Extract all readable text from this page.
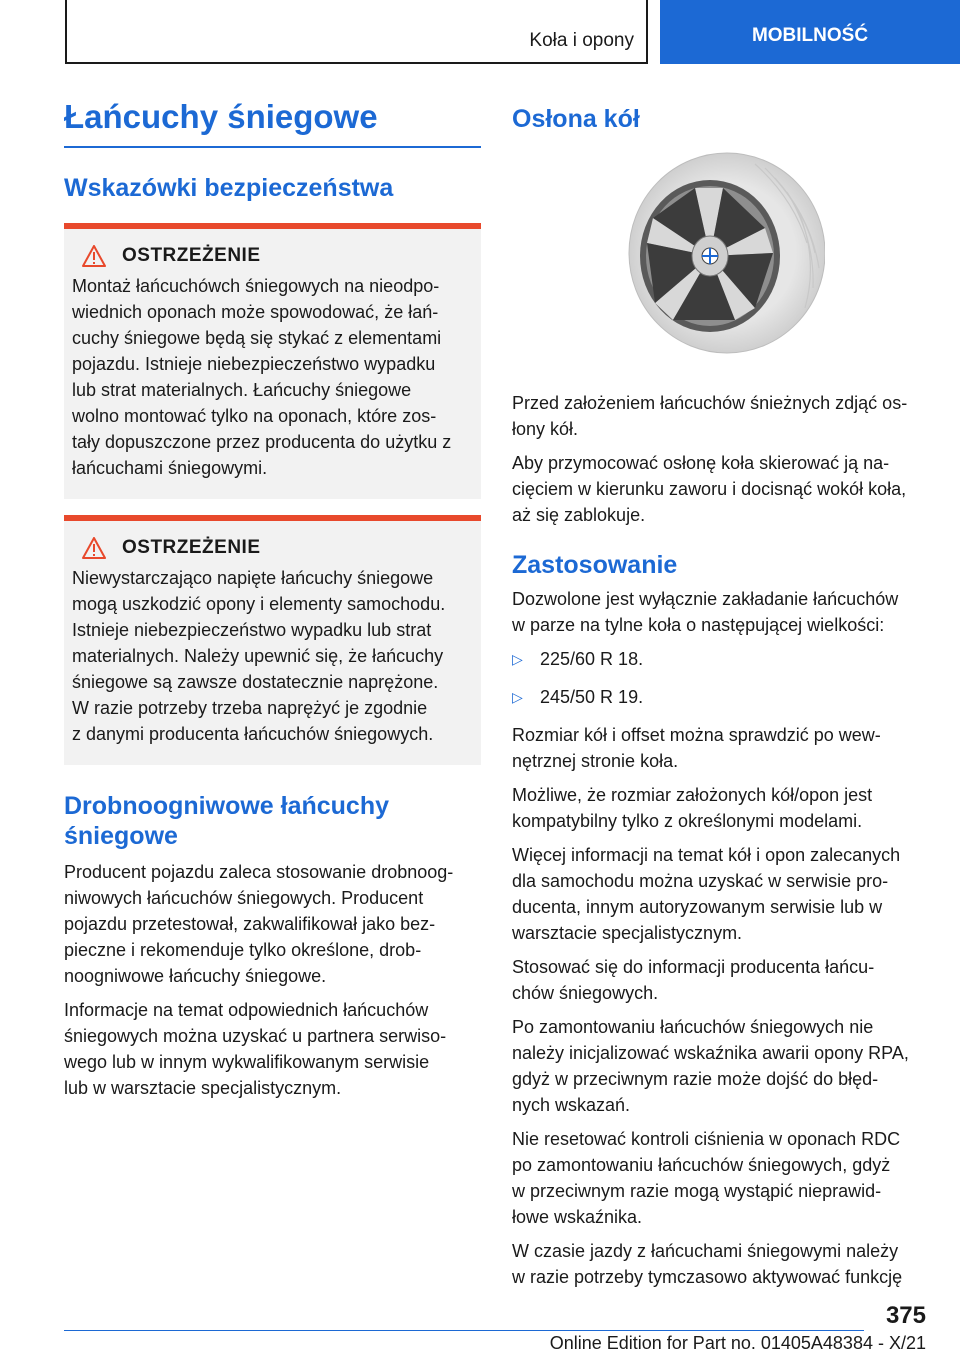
Koła i opony	MOBILNOŚĆ
Łańcuchy śniegowe
Wskazówki bezpieczeństwa
OSTRZEŻENIE

Montaż łańcuchówch śniegowych na nieodpo-

wiednich oponach może spowodować, że łań-

cuchy śniegowe będą się stykać z elementami

pojazdu. Istnieje niebezpieczeństwo wypadku

lub strat materialnych. Łańcuchy śniegowe

wolno montować tylko na oponach, które zos-

tały dopuszczone przez producenta do użytku z

łańcuchami śniegowymi.

OSTRZEŻENIE

Niewystarczająco napięte łańcuchy śniegowe

mogą uszkodzić opony i elementy samochodu.

Istnieje niebezpieczeństwo wypadku lub strat

materialnych. Należy upewnić się, że łańcuchy

śniegowe są zawsze dostatecznie naprężone.

W razie potrzeby trzeba naprężyć je zgodnie

z danymi producenta łańcuchów śniegowych.

Drobnoogniwowe łańcuchy
śniegowe

Producent pojazdu zaleca stosowanie drobnoog-

niwowych łańcuchów śniegowych. Producent

pojazdu przetestował, zakwalifikował jako bez-

pieczne i rekomenduje tylko określone, drob-

noogniwowe łańcuchy śniegowe.

Informacje na temat odpowiednich łańcuchów

śniegowych można uzyskać u partnera serwiso-

wego lub w innym wykwalifikowanym serwisie

lub w warsztacie specjalistycznym.

Osłona kół

Przed założeniem łańcuchów śnieżnych zdjąć os-

łony kół.

Aby przymocować osłonę koła skierować ją na-

cięciem w kierunku zaworu i docisnąć wokół koła,

aż się zablokuje.

Zastosowanie

Dozwolone jest wyłącznie zakładanie łańcuchów

w parze na tylne koła o następującej wielkości:

▷ 225/60 R 18.
▷ 245/50 R 19.

Rozmiar kół i offset można sprawdzić po wew-

nętrznej stronie koła.

Możliwe, że rozmiar założonych kół/opon jest

kompatybilny tylko z określonymi modelami.

Więcej informacji na temat kół i opon zalecanych

dla samochodu można uzyskać w serwisie pro-

ducenta, innym autoryzowanym serwisie lub w

warsztacie specjalistycznym.

Stosować się do informacji producenta łańcu-

chów śniegowych.

Po zamontowaniu łańcuchów śniegowych nie

należy inicjalizować wskaźnika awarii opony RPA,

gdyż w przeciwnym razie może dojść do błęd-

nych wskazań.

Nie resetować kontroli ciśnienia w oponach RDC

po zamontowaniu łańcuchów śniegowych, gdyż

w przeciwnym razie mogą wystąpić nieprawid-

łowe wskaźnika.

W czasie jazdy z łańcuchami śniegowymi należy

w razie potrzeby tymczasowo aktywować funkcję

375
Online Edition for Part no. 01405A48384 - X/21
